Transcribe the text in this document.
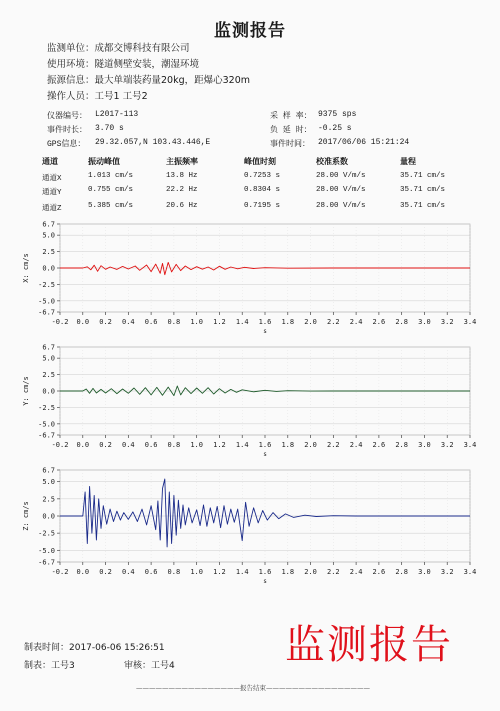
监测报告
监测单位：成都交博科技有限公司
使用环境：隧道侧壁安装，潮湿环境
振源信息：最大单端装药量20kg，距爆心320m
操作人员：工号1 工号2
仪器编号： L2017-113	采 样 率： 9375 sps
事件时长： 3.70 s	负 延 时： -0.25 s
GPS信息： 29.32.057,N 103.43.446,E	事件时间： 2017/06/06 15:21:24
通道	振动峰值	主振频率	峰值时刻	校准系数	量程
通道X	1.013 cm/s	13.8 Hz	0.7253 s	28.00 V/m/s	35.71 cm/s
通道Y	0.755 cm/s	22.2 Hz	0.8304 s	28.00 V/m/s	35.71 cm/s
通道Z	5.385 cm/s	20.6 Hz	0.7195 s	28.00 V/m/s	35.71 cm/s
6.7
5.0
2.5
0.0
-2.5
-5.0
-6.7
-0.2 0.0 0.2 0.4 0.6 0.8 1.0 1.2 1.4 1.6 1.8 2.0 2.2 2.4 2.6 2.8 3.0 3.2 3.4
X: cm/s
s
6.7
5.0
2.5
0.0
-2.5
-5.0
-6.7
-0.2 0.0 0.2 0.4 0.6 0.8 1.0 1.2 1.4 1.6 1.8 2.0 2.2 2.4 2.6 2.8 3.0 3.2 3.4
Y: cm/s
s
6.7
5.0
2.5
0.0
-2.5
-5.0
-6.7
-0.2 0.0 0.2 0.4 0.6 0.8 1.0 1.2 1.4 1.6 1.8 2.0 2.2 2.4 2.6 2.8 3.0 3.2 3.4
Z: cm/s
s
制表时间：2017-06-06 15:26:51
制表：工号3	审核：工号4	监测报告
————————————————报告结束————————————————
